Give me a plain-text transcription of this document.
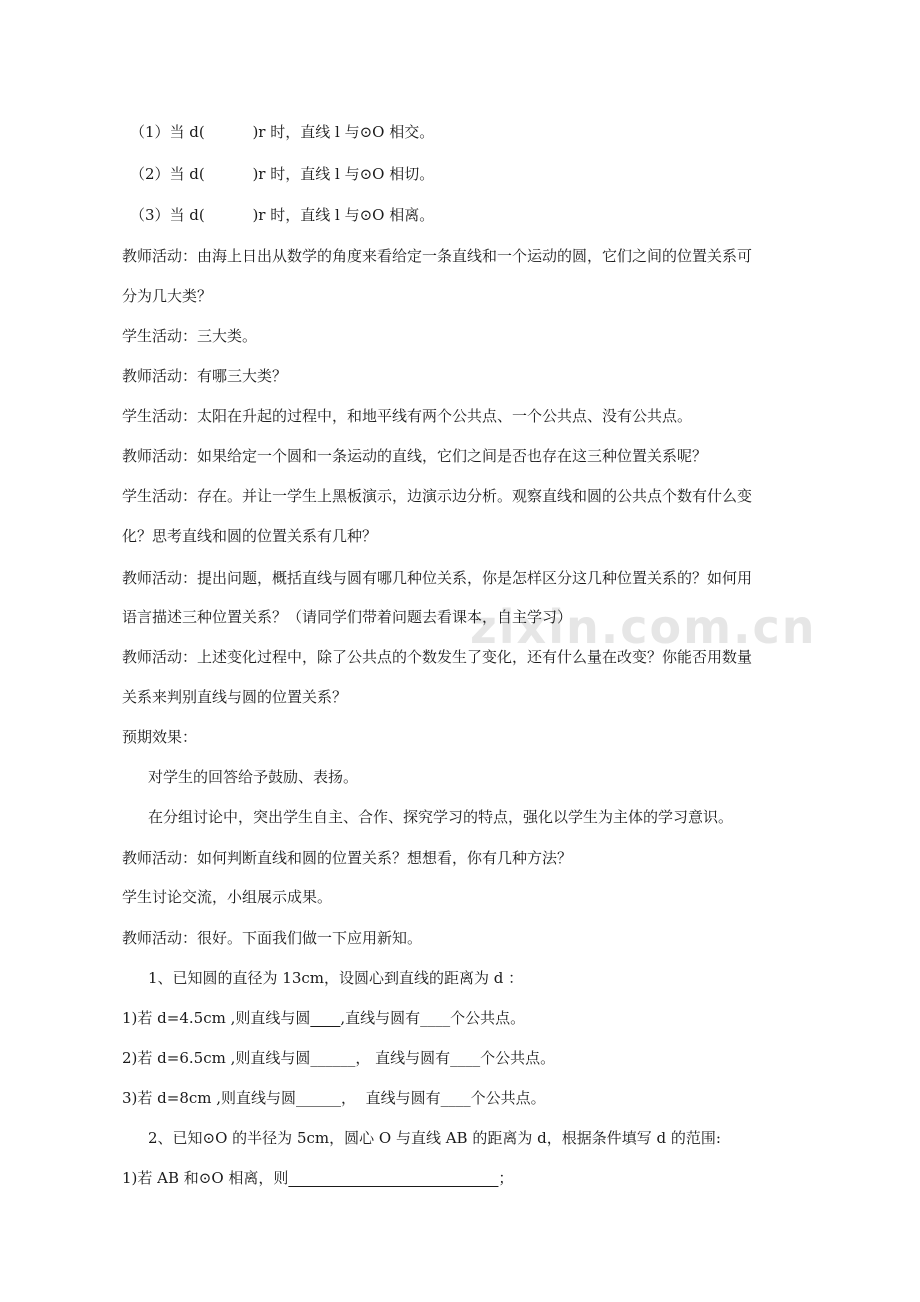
zixin.com.cn
（1）当 d(          )r 时，直线 l 与⊙O 相交。
（2）当 d(          )r 时，直线 l 与⊙O 相切。
（3）当 d(          )r 时，直线 l 与⊙O 相离。
教师活动：由海上日出从数学的角度来看给定一条直线和一个运动的圆，它们之间的位置关系可
分为几大类？
学生活动：三大类。
教师活动：有哪三大类？
学生活动：太阳在升起的过程中，和地平线有两个公共点、一个公共点、没有公共点。
教师活动：如果给定一个圆和一条运动的直线，它们之间是否也存在这三种位置关系呢？
学生活动：存在。并让一学生上黑板演示，边演示边分析。观察直线和圆的公共点个数有什么变
化？思考直线和圆的位置关系有几种？
教师活动：提出问题，概括直线与圆有哪几种位关系，你是怎样区分这几种位置关系的？如何用
语言描述三种位置关系？（请同学们带着问题去看课本，自主学习）
教师活动：上述变化过程中，除了公共点的个数发生了变化，还有什么量在改变？你能否用数量
关系来判别直线与圆的位置关系？
预期效果：
对学生的回答给予鼓励、表扬。
在分组讨论中，突出学生自主、合作、探究学习的特点，强化以学生为主体的学习意识。
教师活动：如何判断直线和圆的位置关系？想想看，你有几种方法？
学生讨论交流，小组展示成果。
教师活动：很好。下面我们做一下应用新知。
1、已知圆的直径为 13cm，设圆心到直线的距离为 d ：
1)若 d=4.5cm ,则直线与圆____,直线与圆有____个公共点。
2)若 d=6.5cm ,则直线与圆______， 直线与圆有____个公共点。
3)若 d=8cm ,则直线与圆______，  直线与圆有____个公共点。
2、已知⊙O 的半径为 5cm，圆心 O 与直线 AB 的距离为 d，根据条件填写 d 的范围:
1)若 AB 和⊙O 相离，则____________________________；
